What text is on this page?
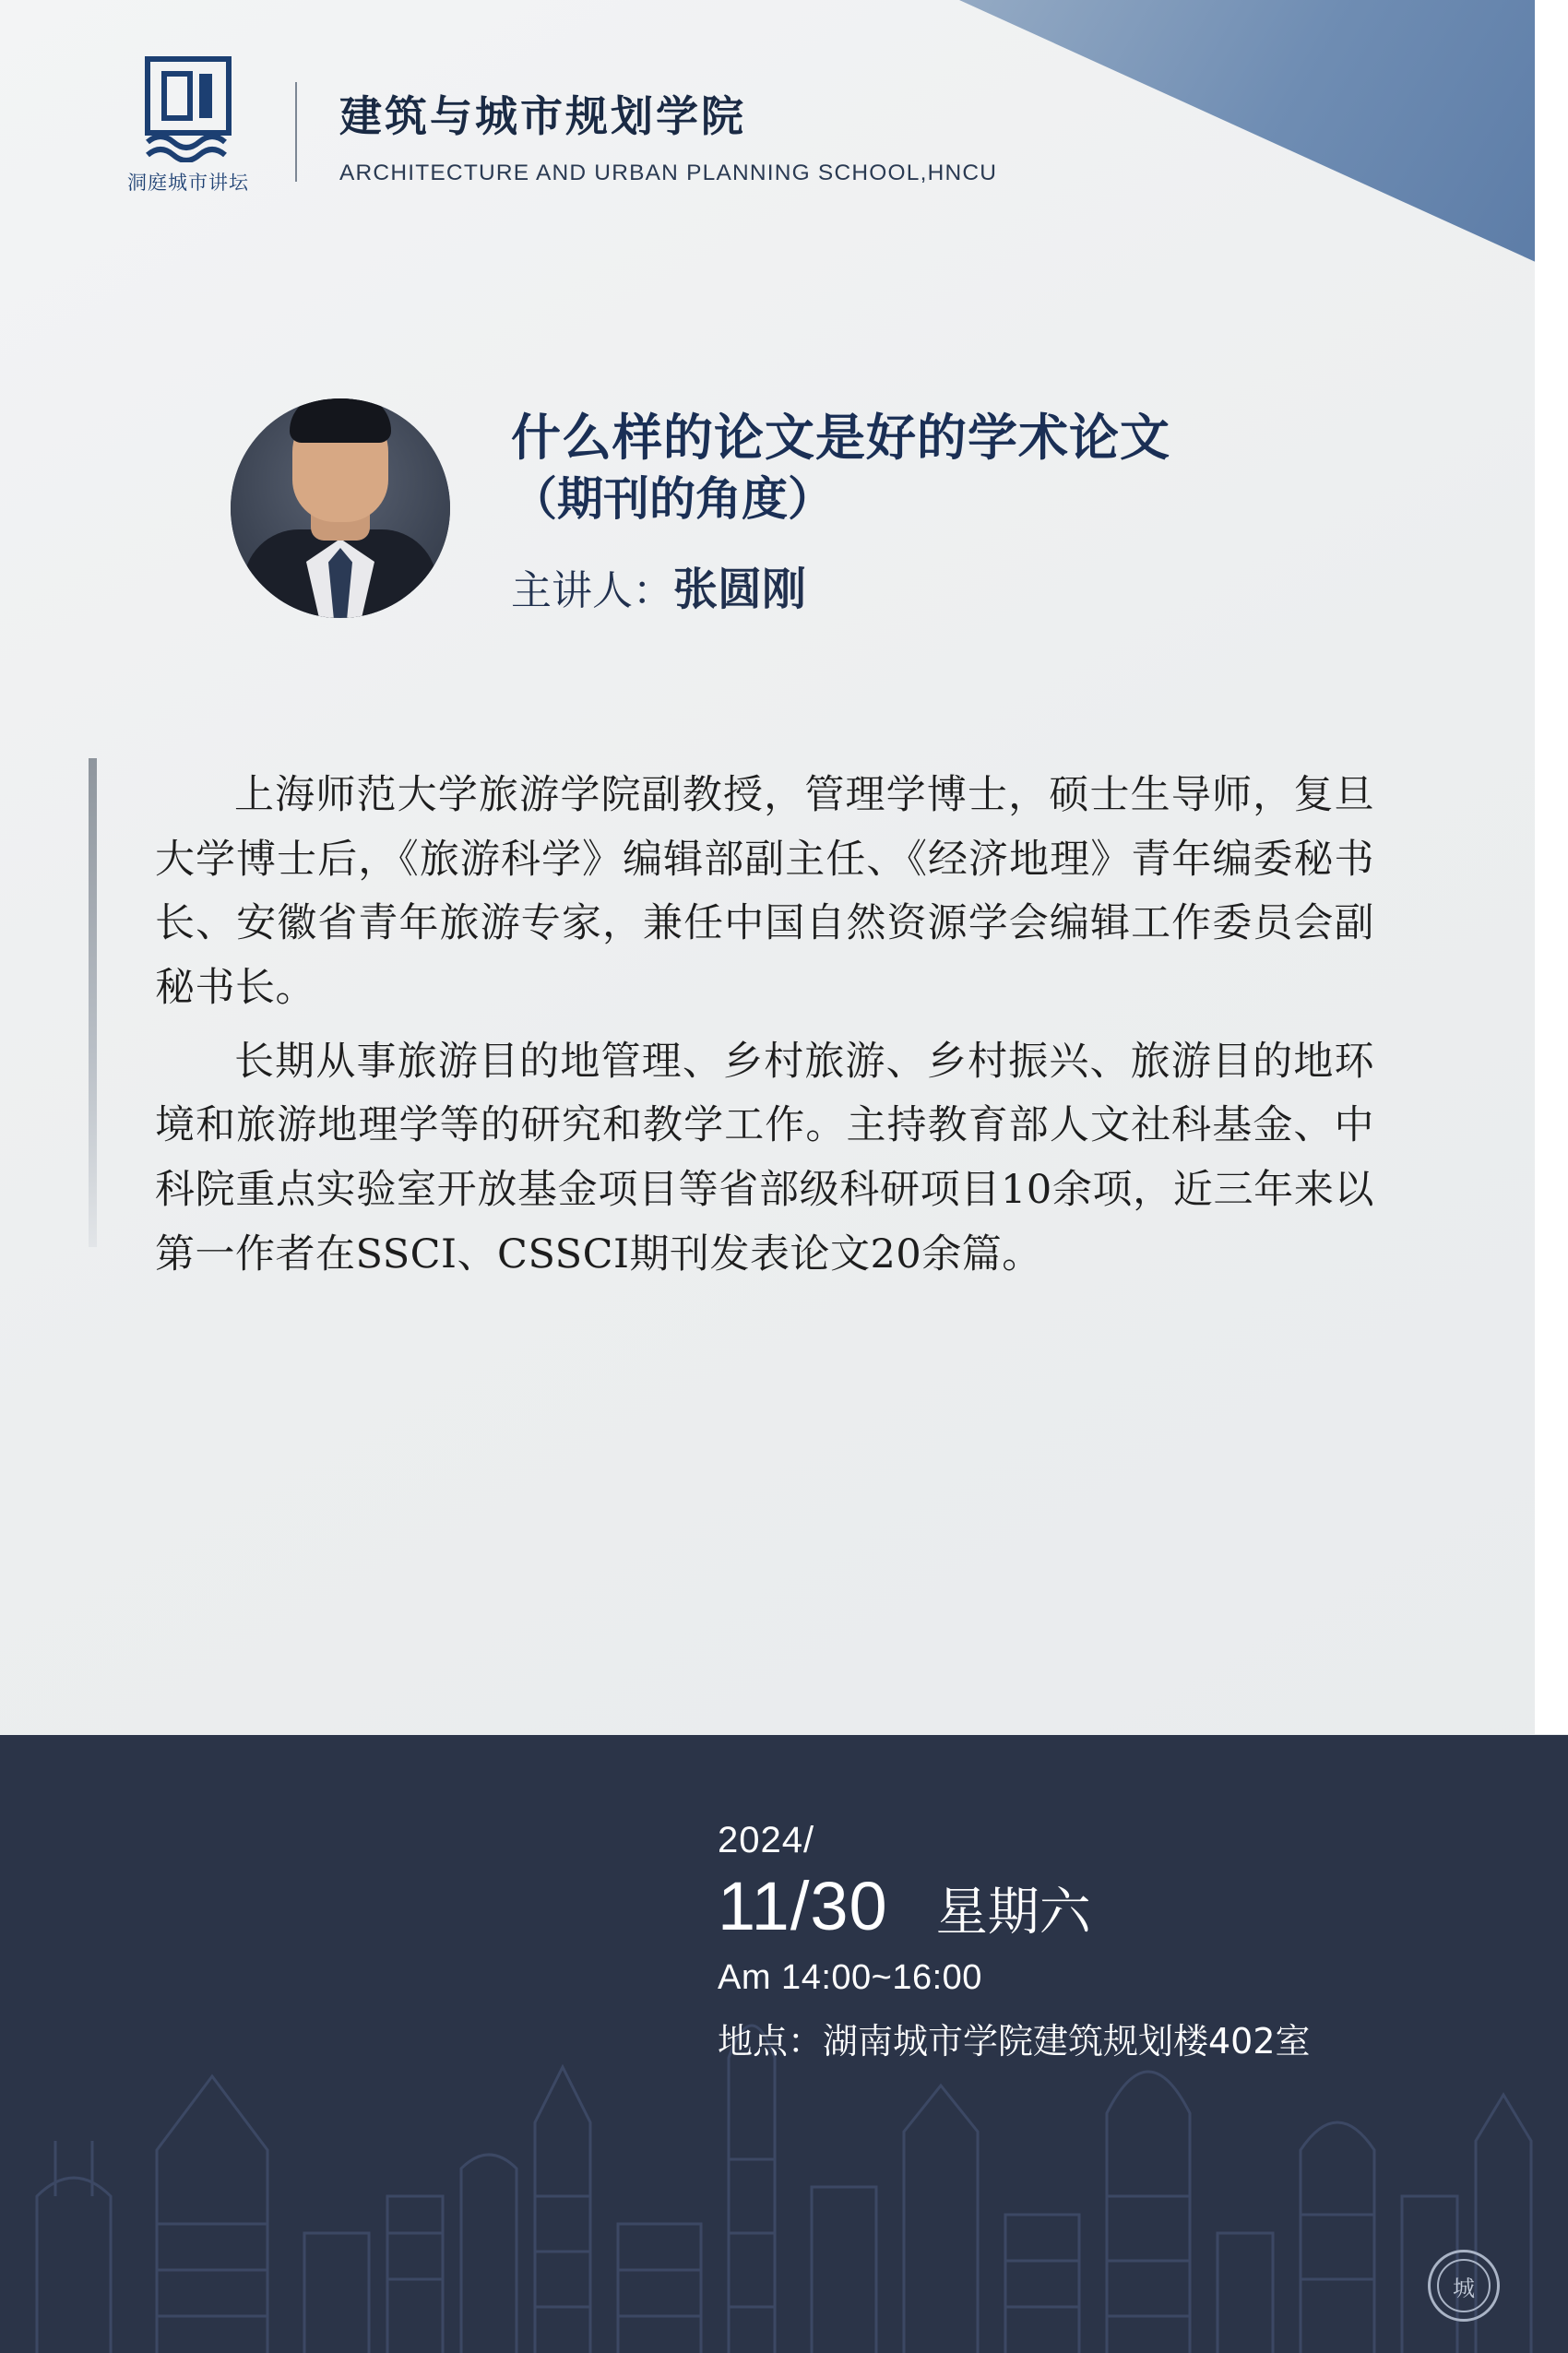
洞庭城市讲坛
建筑与城市规划学院
ARCHITECTURE AND URBAN PLANNING SCHOOL,HNCU
什么样的论文是好的学术论文
（期刊的角度）
主讲人：张圆刚

上海师范大学旅游学院副教授，管理学博士，硕士生导师，复旦大学博士后，《旅游科学》编辑部副主任、《经济地理》青年编委秘书长、安徽省青年旅游专家，兼任中国自然资源学会编辑工作委员会副秘书长。

长期从事旅游目的地管理、乡村旅游、乡村振兴、旅游目的地环境和旅游地理学等的研究和教学工作。主持教育部人文社科基金、中科院重点实验室开放基金项目等省部级科研项目10余项，近三年来以第一作者在SSCI、CSSCI期刊发表论文20余篇。

2024/
11/30 星期六
Am 14:00~16:00
地点：湖南城市学院建筑规划楼402室
城
